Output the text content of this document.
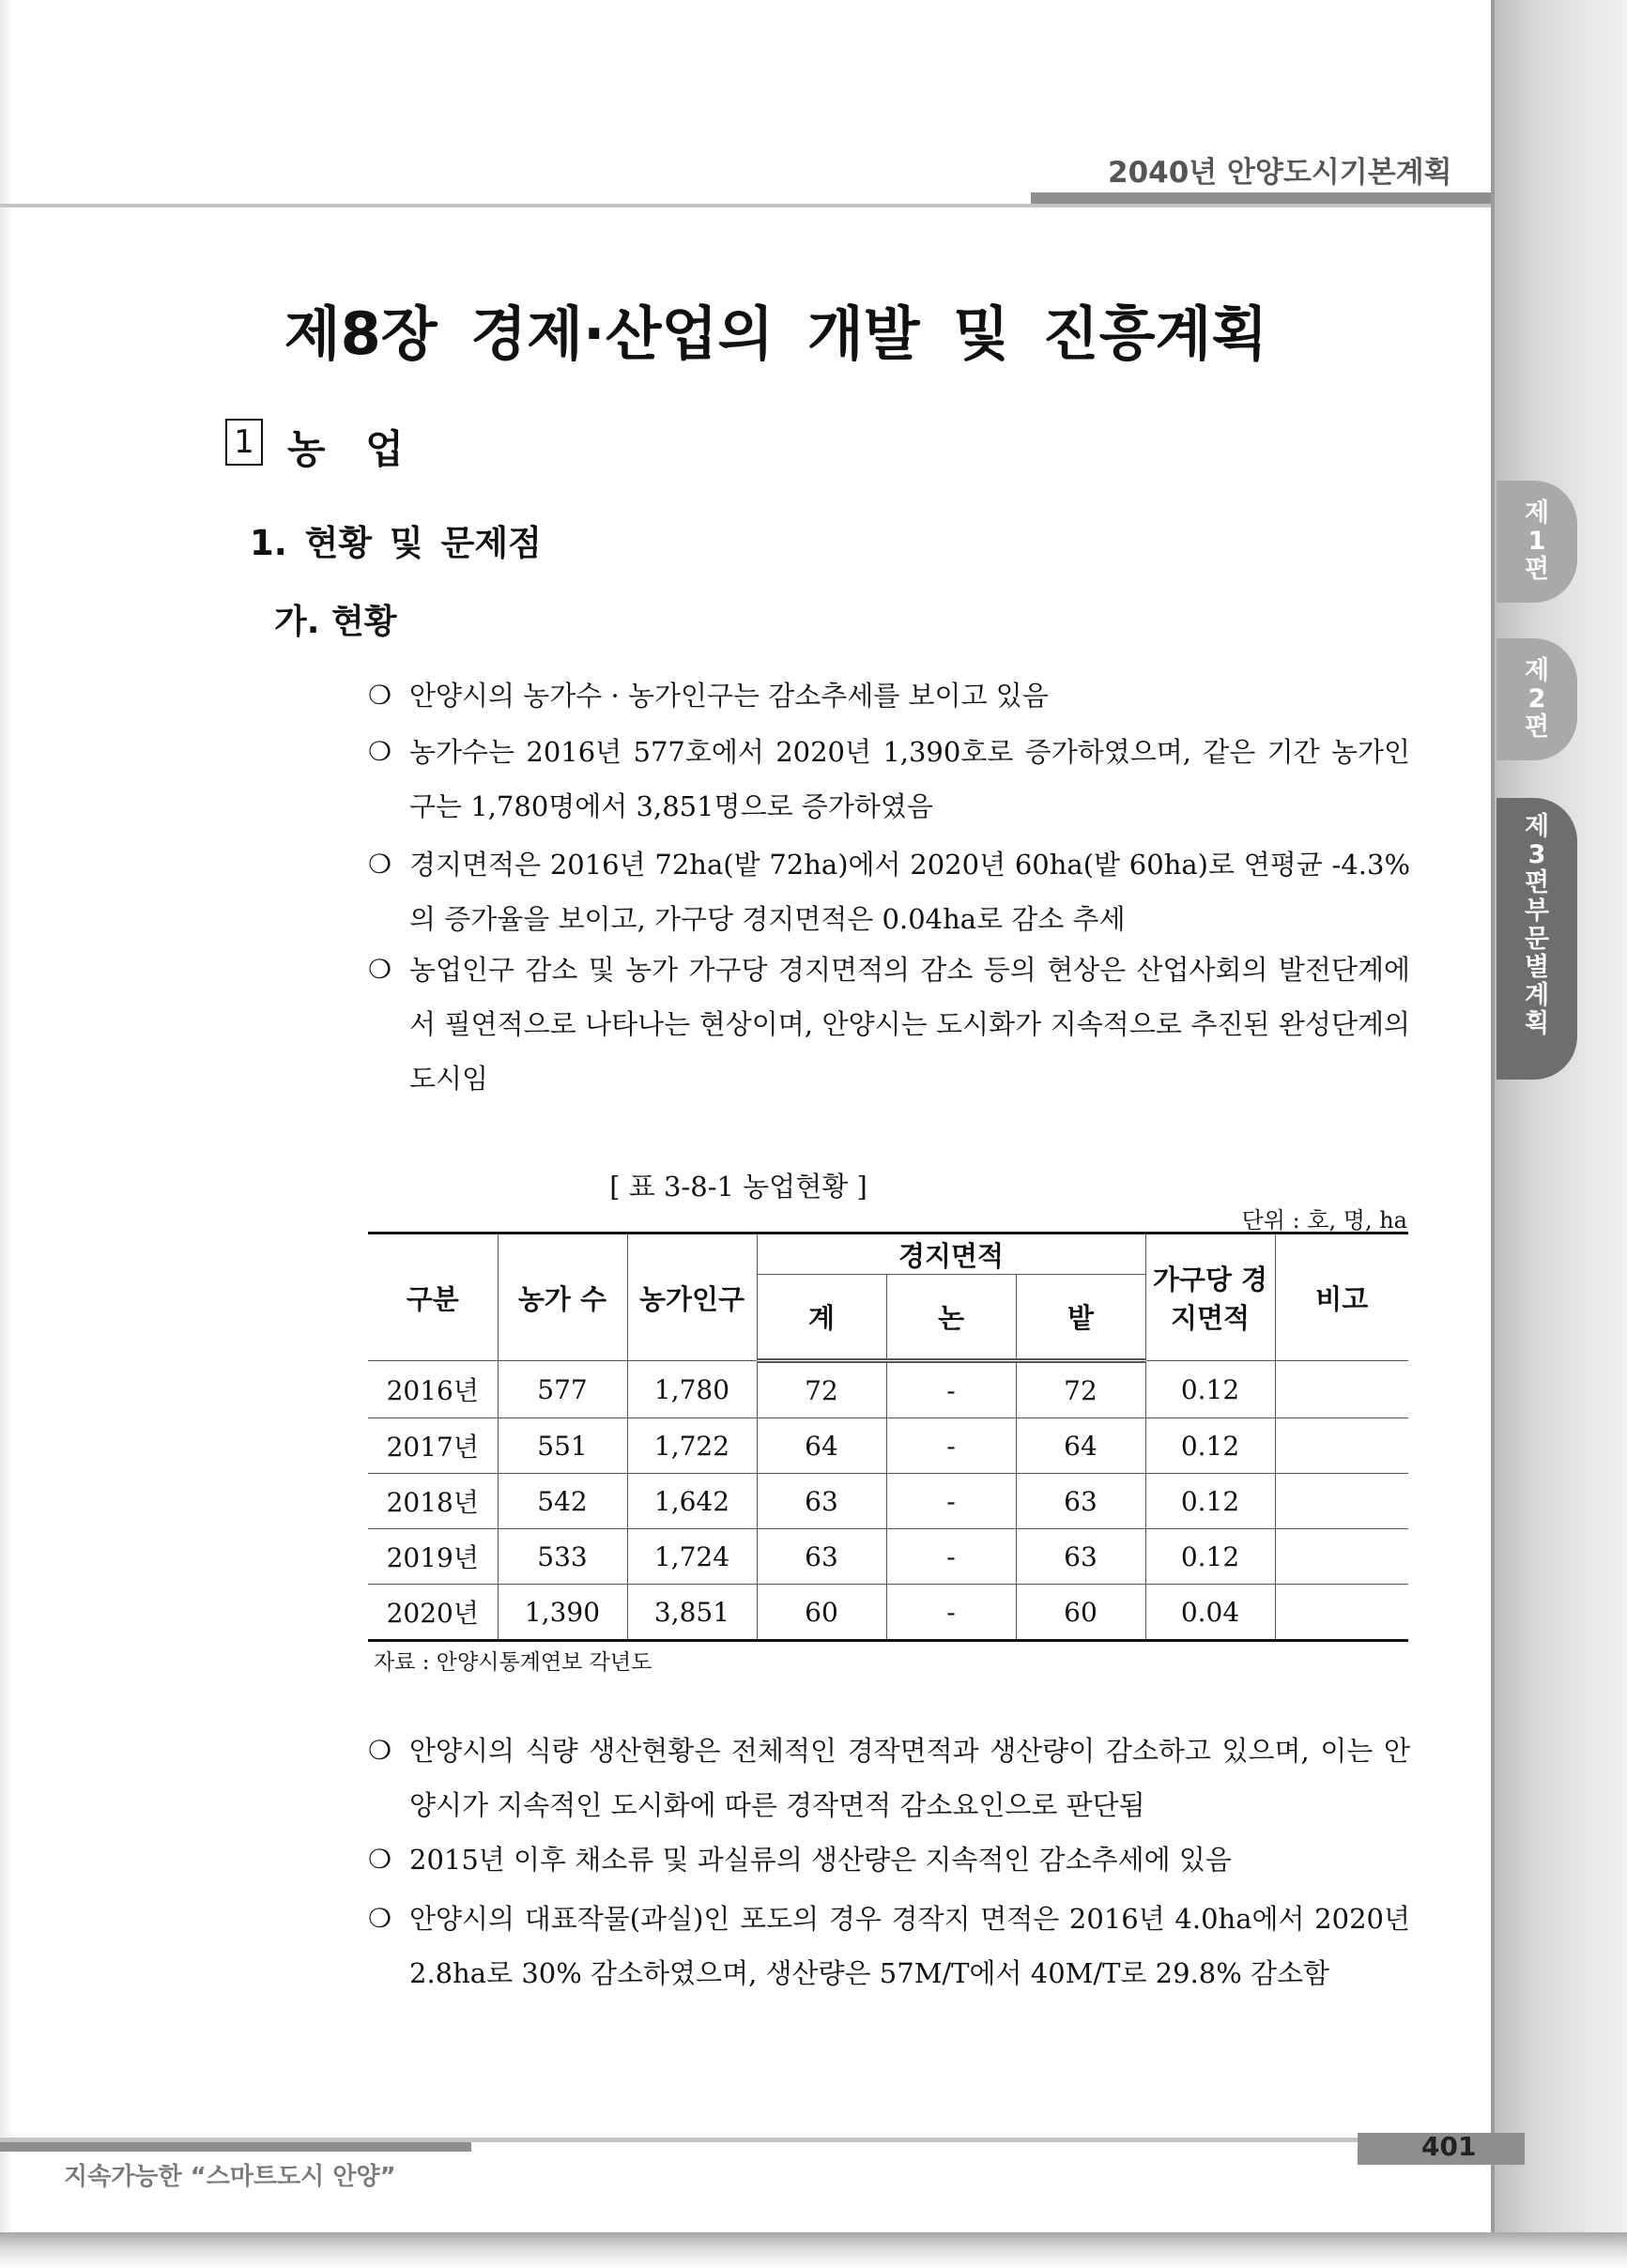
2040년 안양도시기본계획
제8장 경제·산업의 개발 및 진흥계획
1 농 업
1. 현황 및 문제점
가. 현황
❍ 안양시의 농가수 · 농가인구는 감소추세를 보이고 있음
❍ 농가수는 2016년 577호에서 2020년 1,390호로 증가하였으며, 같은 기간 농가인구는 1,780명에서 3,851명으로 증가하였음
❍ 경지면적은 2016년 72ha(밭 72ha)에서 2020년 60ha(밭 60ha)로 연평균 -4.3%의 증가율을 보이고, 가구당 경지면적은 0.04ha로 감소 추세
❍ 농업인구 감소 및 농가 가구당 경지면적의 감소 등의 현상은 산업사회의 발전단계에서 필연적으로 나타나는 현상이며, 안양시는 도시화가 지속적으로 추진된 완성단계의 도시임
[ 표 3-8-1 농업현황 ]
단위 : 호, 명, ha
구분	농가 수	농가인구	경지면적			가구당 경지면적	비고
			계	논	밭		
2016년	577	1,780	72	-	72	0.12	
2017년	551	1,722	64	-	64	0.12	
2018년	542	1,642	63	-	63	0.12	
2019년	533	1,724	63	-	63	0.12	
2020년	1,390	3,851	60	-	60	0.04	
자료 : 안양시통계연보 각년도
❍ 안양시의 식량 생산현황은 전체적인 경작면적과 생산량이 감소하고 있으며, 이는 안양시가 지속적인 도시화에 따른 경작면적 감소요인으로 판단됨
❍ 2015년 이후 채소류 및 과실류의 생산량은 지속적인 감소추세에 있음
❍ 안양시의 대표작물(과실)인 포도의 경우 경작지 면적은 2016년 4.0ha에서 2020년 2.8ha로 30% 감소하였으며, 생산량은 57M/T에서 40M/T로 29.8% 감소함
제
1
편
제
2
편
제
3
편
부
문
별
계
획
401
지속가능한 “스마트도시 안양”
